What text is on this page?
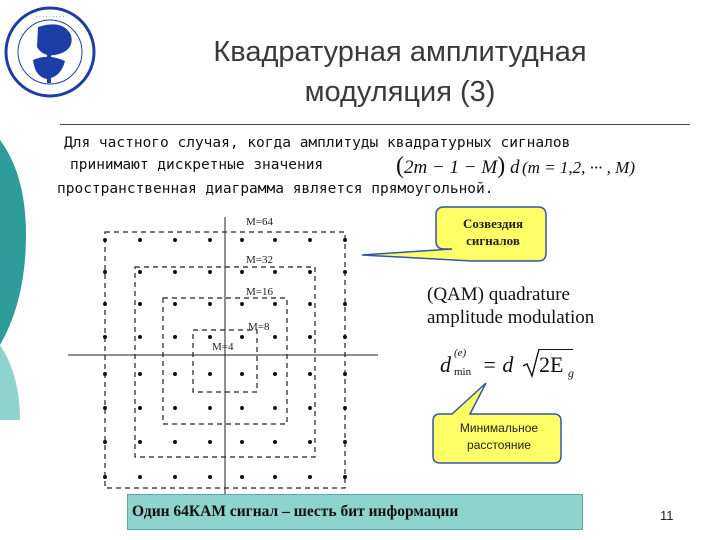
. . . . . . . . .
Квадратурная амплитудная
модуляция (3)
Для частного случая, когда амплитуды квадратурных сигналов
принимают дискретные значения
пространственная диаграмма является прямоугольной.
(2m − 1 − M) d (m = 1,2, ··· , M)
M=64
M=32
M=16
M=8
M=4
Созвездия
сигналов
(QAM) quadrature
amplitude modulation
d (e)
min = d 2E g
Минимальное
расстояние
Один 64КАМ сигнал – шесть бит информации	11
